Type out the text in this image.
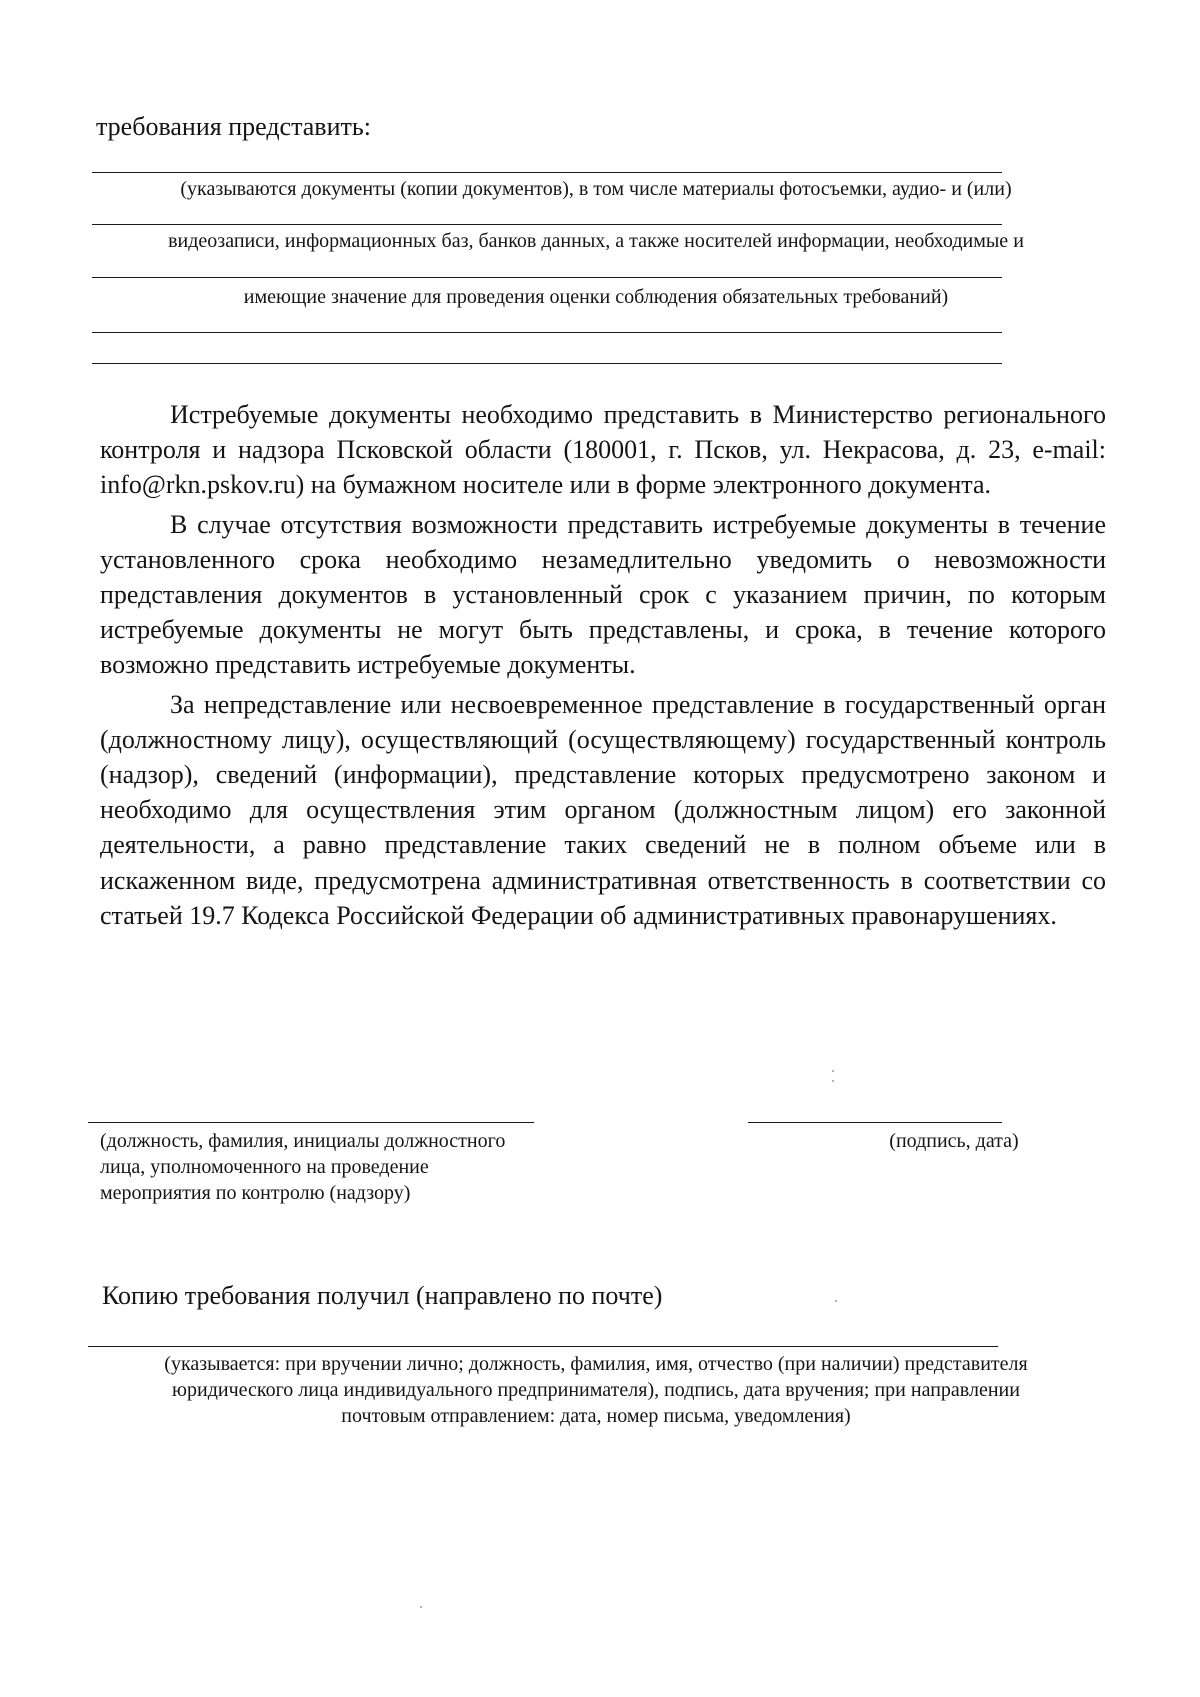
требования представить:
(указываются документы (копии документов), в том числе материалы фотосъемки, аудио- и (или)
видеозаписи, информационных баз, банков данных, а также носителей информации, необходимые и
имеющие значение для проведения оценки соблюдения обязательных требований)

Истребуемые документы необходимо представить в Министерство регионального контроля и надзора Псковской области (180001, г. Псков, ул. Некрасова, д. 23, e-mail: info@rkn.pskov.ru) на бумажном носителе или в форме электронного документа.

В случае отсутствия возможности представить истребуемые документы в течение установленного срока необходимо незамедлительно уведомить о невозможности представления документов в установленный срок с указанием причин, по которым истребуемые документы не могут быть представлены, и срока, в течение которого возможно представить истребуемые документы.

За непредставление или несвоевременное представление в государственный орган (должностному лицу), осуществляющий (осуществляющему) государственный контроль (надзор), сведений (информации), представление которых предусмотрено законом и необходимо для осуществления этим органом (должностным лицом) его законной деятельности, а равно представление таких сведений не в полном объеме или в искаженном виде, предусмотрена административная ответственность в соответствии со статьей 19.7 Кодекса Российской Федерации об административных правонарушениях.

(должность, фамилия, инициалы должностного
лица, уполномоченного на проведение
мероприятия по контролю (надзору)
(подпись, дата)
Копию требования получил (направлено по почте)
(указывается: при вручении лично; должность, фамилия, имя, отчество (при наличии) представителя
юридического лица индивидуального предпринимателя), подпись, дата вручения; при направлении
почтовым отправлением: дата, номер письма, уведомления)
